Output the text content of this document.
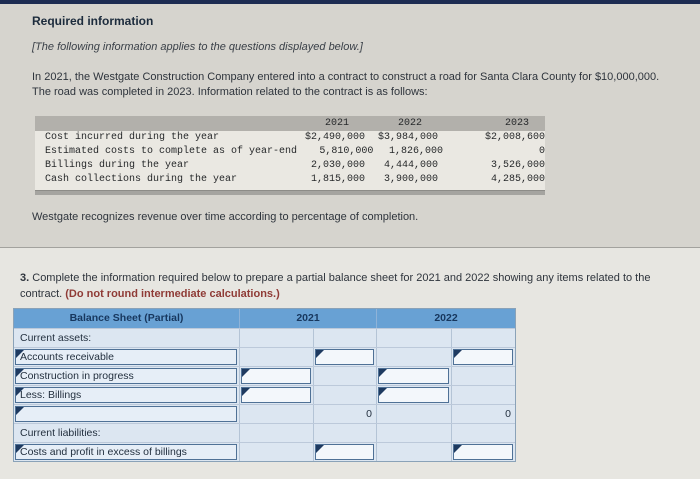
Required information

[The following information applies to the questions displayed below.]

In 2021, the Westgate Construction Company entered into a contract to construct a road for Santa Clara County for $10,000,000. The road was completed in 2023. Information related to the contract is as follows:

2021	2022	2023
Cost incurred during the year	$2,490,000	$3,984,000	$2,008,600
Estimated costs to complete as of year-end	5,810,000	1,826,000	0
Billings during the year	2,030,000	4,444,000	3,526,000
Cash collections during the year	1,815,000	3,900,000	4,285,000

Westgate recognizes revenue over time according to percentage of completion.

3. Complete the information required below to prepare a partial balance sheet for 2021 and 2022 showing any items related to the contract. (Do not round intermediate calculations.)

Balance Sheet (Partial)	2021	2022
Current assets:
Accounts receivable
Construction in progress
Less: Billings
0	0
Current liabilities:
Costs and profit in excess of billings
